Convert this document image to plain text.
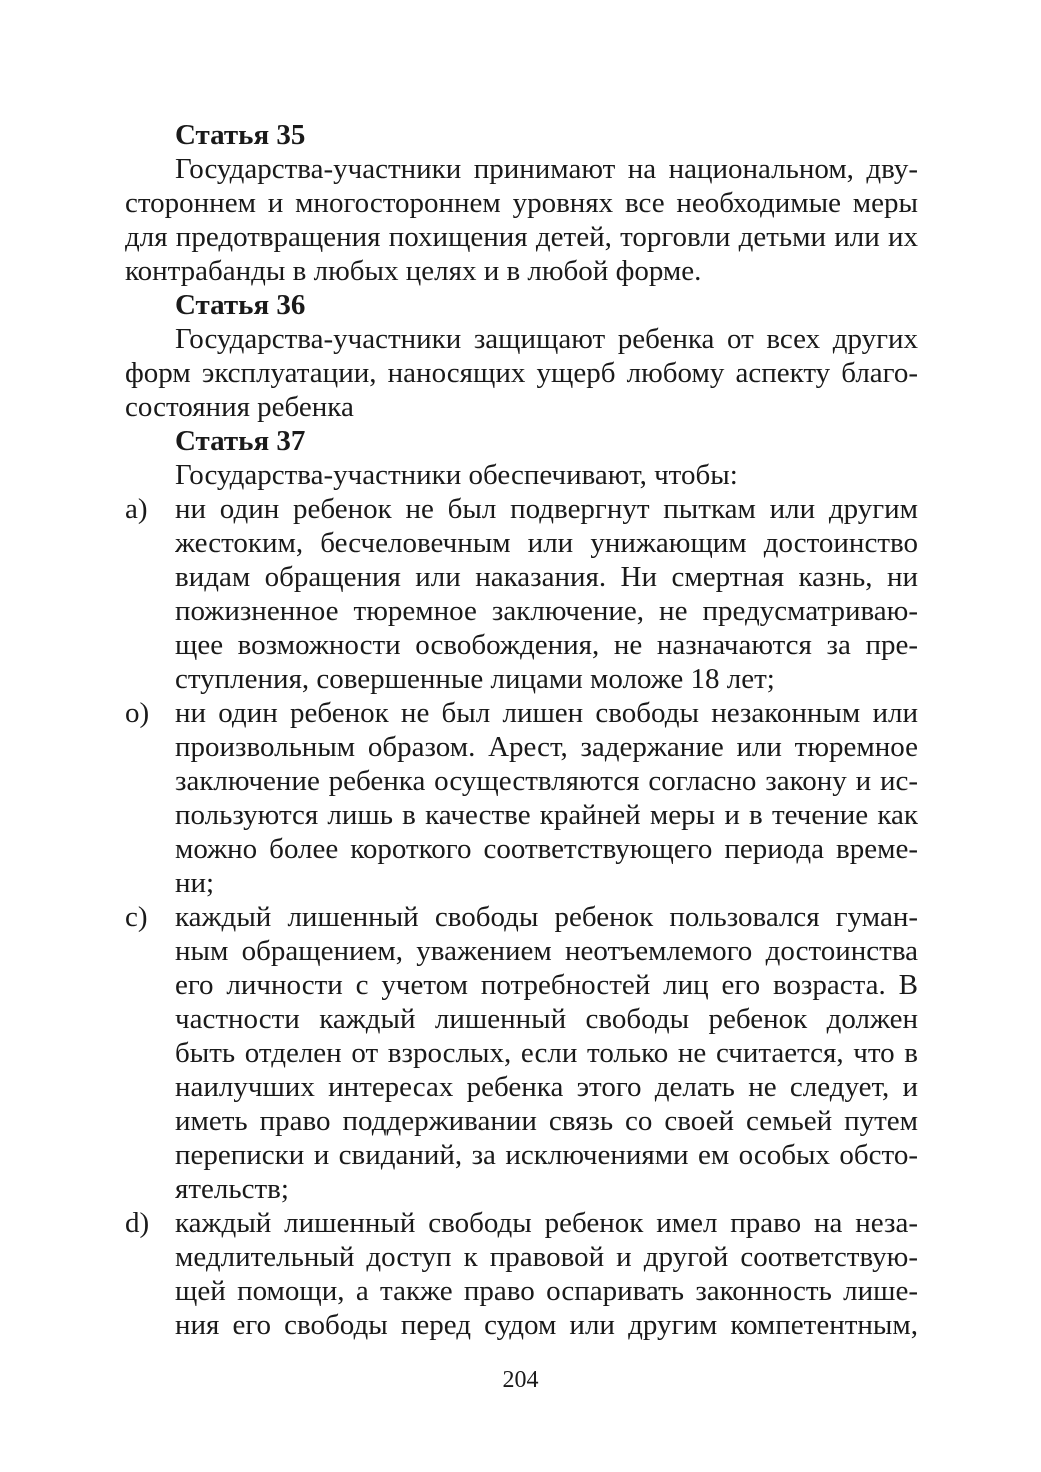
Статья 35
Государства-участники принимают на национальном, дву-
стороннем и многостороннем уровнях все необходимые меры
для предотвращения похищения детей, торговли детьми или их
контрабанды в любых целях и в любой форме.
Статья 36
Государства-участники защищают ребенка от всех других
форм эксплуатации, наносящих ущерб любому аспекту благо-
состояния ребенка
Статья 37
Государства-участники обеспечивают, чтобы:
a) ни один ребенок не был подвергнут пыткам или другим
жестоким, бесчеловечным или унижающим достоинство
видам обращения или наказания. Ни смертная казнь, ни
пожизненное тюремное заключение, не предусматриваю-
щее возможности освобождения, не назначаются за пре-
ступления, совершенные лицами моложе 18 лет;
о) ни один ребенок не был лишен свободы незаконным или
произвольным образом. Арест, задержание или тюремное
заключение ребенка осуществляются согласно закону и ис-
пользуются лишь в качестве крайней меры и в течение как
можно более короткого соответствующего периода време-
ни;
с) каждый лишенный свободы ребенок пользовался гуман-
ным обращением, уважением неотъемлемого достоинства
его личности с учетом потребностей лиц его возраста. В
частности каждый лишенный свободы ребенок должен
быть отделен от взрослых, если только не считается, что в
наилучших интересах ребенка этого делать не следует, и
иметь право поддерживании связь со своей семьей путем
переписки и свиданий, за исключениями ем особых обсто-
ятельств;
d) каждый лишенный свободы ребенок имел право на неза-
медлительный доступ к правовой и другой соответствую-
щей помощи, а также право оспаривать законность лише-
ния его свободы перед судом или другим компетентным,
204
